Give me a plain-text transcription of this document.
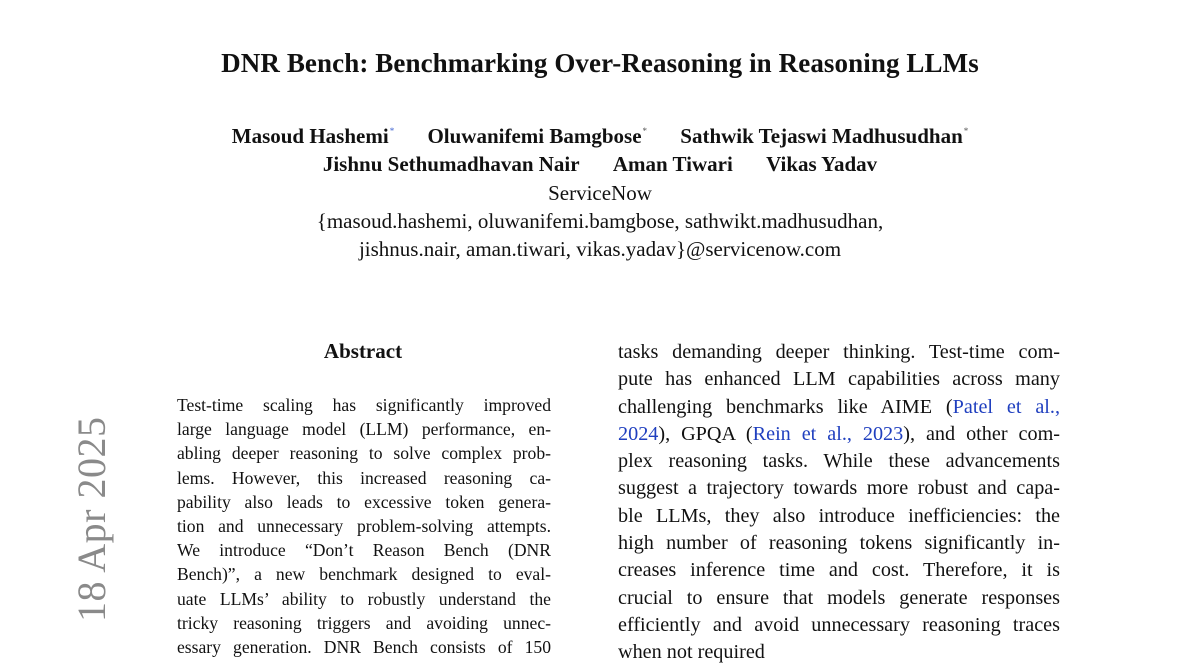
DNR Bench: Benchmarking Over-Reasoning in Reasoning LLMs
Masoud Hashemi* Oluwanifemi Bamgbose* Sathwik Tejaswi Madhusudhan*
Jishnu Sethumadhavan Nair Aman Tiwari Vikas Yadav
ServiceNow
{masoud.hashemi, oluwanifemi.bamgbose, sathwikt.madhusudhan,
jishnus.nair, aman.tiwari, vikas.yadav}@servicenow.com
Abstract
Test-time scaling has significantly improved
large language model (LLM) performance, en-
abling deeper reasoning to solve complex prob-
lems. However, this increased reasoning ca-
pability also leads to excessive token genera-
tion and unnecessary problem-solving attempts.
We introduce “Don’t Reason Bench (DNR
Bench)”, a new benchmark designed to eval-
uate LLMs’ ability to robustly understand the
tricky reasoning triggers and avoiding unnec-
essary generation. DNR Bench consists of 150
tasks demanding deeper thinking. Test-time com-
pute has enhanced LLM capabilities across many
challenging benchmarks like AIME (Patel et al.,
2024), GPQA (Rein et al., 2023), and other com-
plex reasoning tasks. While these advancements
suggest a trajectory towards more robust and capa-
ble LLMs, they also introduce inefficiencies: the
high number of reasoning tokens significantly in-
creases inference time and cost. Therefore, it is
crucial to ensure that models generate responses
efficiently and avoid unnecessary reasoning traces
when not required
18 Apr 2025
